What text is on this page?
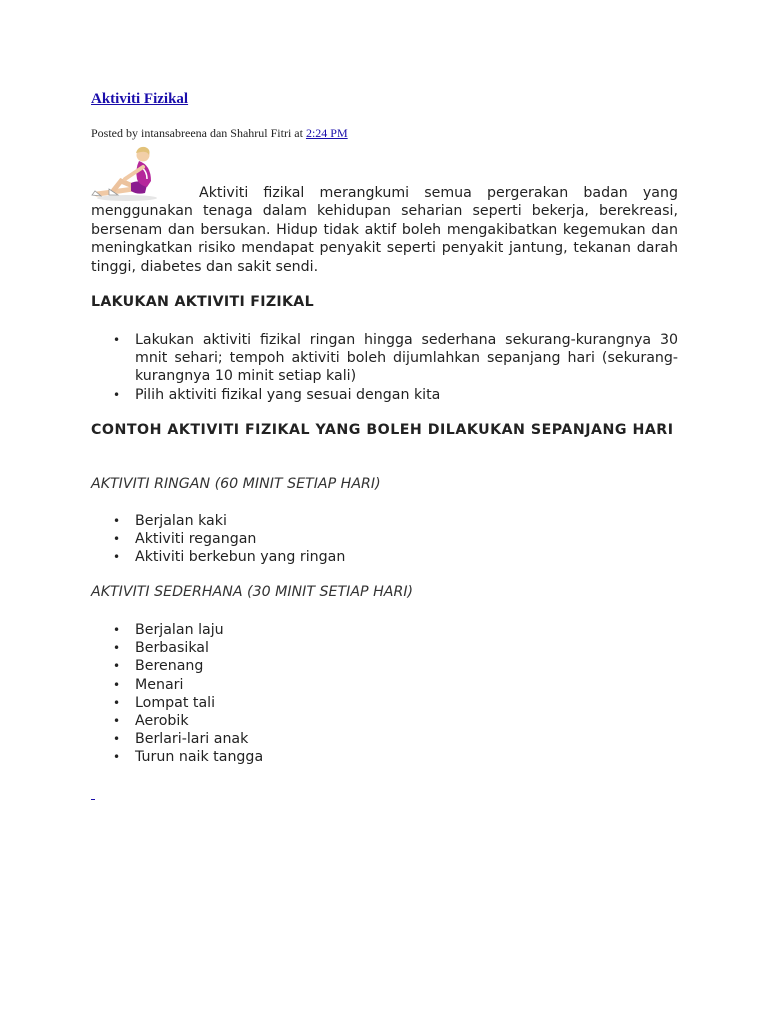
Aktiviti Fizikal
Posted by intansabreena dan Shahrul Fitri at 2:24 PM

Aktiviti fizikal merangkumi semua pergerakan badan yang menggunakan tenaga dalam kehidupan seharian seperti bekerja, berekreasi, bersenam dan bersukan. Hidup tidak aktif boleh mengakibatkan kegemukan dan meningkatkan risiko mendapat penyakit seperti penyakit jantung, tekanan darah tinggi, diabetes dan sakit sendi.

LAKUKAN AKTIVITI FIZIKAL

• Lakukan aktiviti fizikal ringan hingga sederhana sekurang-kurangnya 30 mnit sehari; tempoh aktiviti boleh dijumlahkan sepanjang hari (sekurang-kurangnya 10 minit setiap kali)
• Pilih aktiviti fizikal yang sesuai dengan kita

CONTOH AKTIVITI FIZIKAL YANG BOLEH DILAKUKAN SEPANJANG HARI

AKTIVITI RINGAN (60 MINIT SETIAP HARI)

• Berjalan kaki
• Aktiviti regangan
• Aktiviti berkebun yang ringan

AKTIVITI SEDERHANA (30 MINIT SETIAP HARI)

• Berjalan laju
• Berbasikal
• Berenang
• Menari
• Lompat tali
• Aerobik
• Berlari-lari anak
• Turun naik tangga
